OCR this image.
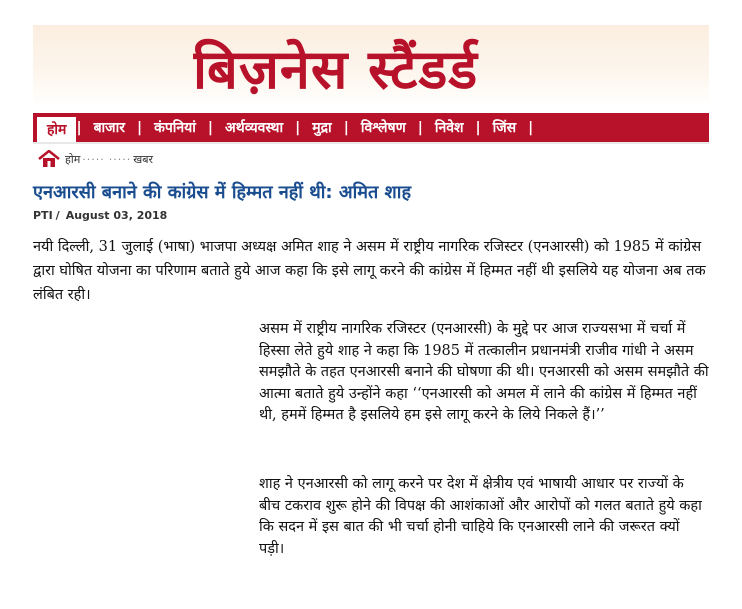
बिज़नेस स्टैंडर्ड
होम | बाजार | कंपनियां | अर्थव्यवस्था | मुद्रा | विश्लेषण | निवेश | जिंस |
होम ····· ····· खबर
एनआरसी बनाने की कांग्रेस में हिम्मत नहीं थी: अमित शाह
PTI / August 03, 2018
नयी दिल्ली, 31 जुलाई (भाषा) भाजपा अध्यक्ष अमित शाह ने असम में राष्ट्रीय नागरिक रजिस्टर (एनआरसी) को 1985 में कांग्रेस द्वारा घोषित योजना का परिणाम बताते हुये आज कहा कि इसे लागू करने की कांग्रेस में हिम्मत नहीं थी इसलिये यह योजना अब तक लंबित रही।
असम में राष्ट्रीय नागरिक रजिस्टर (एनआरसी) के मुद्दे पर आज राज्यसभा में चर्चा में हिस्सा लेते हुये शाह ने कहा कि 1985 में तत्कालीन प्रधानमंत्री राजीव गांधी ने असम समझौते के तहत एनआरसी बनाने की घोषणा की थी। एनआरसी को असम समझौते की आत्मा बताते हुये उन्होंने कहा ‘‘एनआरसी को अमल में लाने की कांग्रेस में हिम्मत नहीं थी, हममें हिम्मत है इसलिये हम इसे लागू करने के लिये निकले हैं।’’
शाह ने एनआरसी को लागू करने पर देश में क्षेत्रीय एवं भाषायी आधार पर राज्यों के बीच टकराव शुरू होने की विपक्ष की आशंकाओं और आरोपों को गलत बताते हुये कहा कि सदन में इस बात की भी चर्चा होनी चाहिये कि एनआरसी लाने की जरूरत क्यों पड़ी।
